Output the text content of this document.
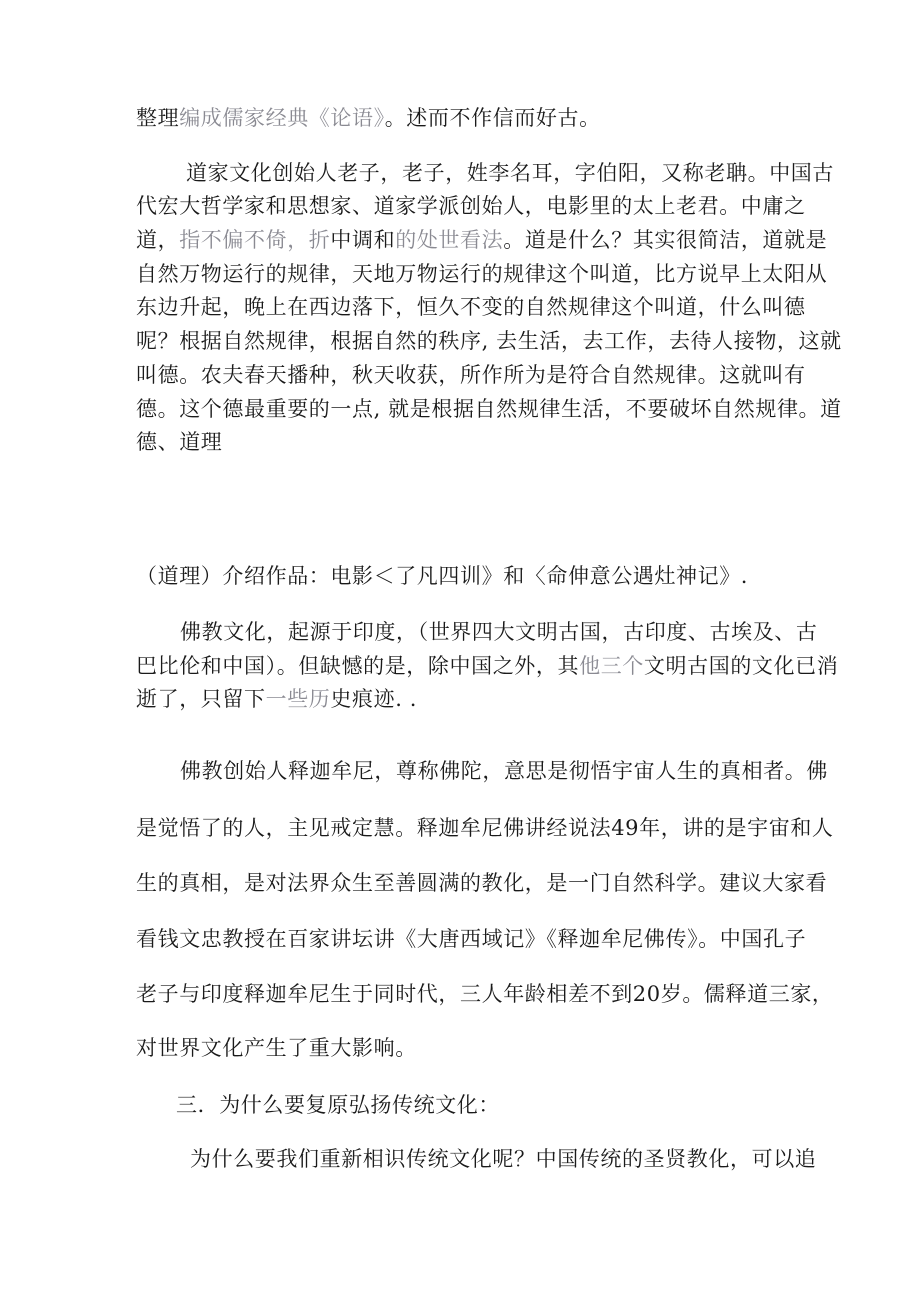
整理编成儒家经典《论语》。述而不作信而好古。
道家文化创始人老子，老子，姓李名耳，字伯阳，又称老聃。中国古
代宏大哲学家和思想家、道家学派创始人，电影里的太上老君。中庸之
道，指不偏不倚，折中调和的处世看法。道是什么？其实很简洁，道就是
自然万物运行的规律，天地万物运行的规律这个叫道，比方说早上太阳从
东边升起，晚上在西边落下，恒久不变的自然规律这个叫道，什么叫德
呢？根据自然规律，根据自然的秩序, 去生活，去工作，去待人接物，这就
叫德。农夫春天播种，秋天收获，所作所为是符合自然规律。这就叫有
德。这个德最重要的一点, 就是根据自然规律生活，不要破坏自然规律。道
德、道理
（道理）介绍作品：电影＜了凡四训》和〈命伸意公遇灶神记》.
佛教文化，起源于印度，（世界四大文明古国，古印度、古埃及、古
巴比伦和中国）。但缺憾的是，除中国之外，其他三个文明古国的文化已消
逝了，只留下一些历史痕迹. .
佛教创始人释迦牟尼，尊称佛陀，意思是彻悟宇宙人生的真相者。佛
是觉悟了的人，主见戒定慧。释迦牟尼佛讲经说法49年，讲的是宇宙和人
生的真相，是对法界众生至善圆满的教化，是一门自然科学。建议大家看
看钱文忠教授在百家讲坛讲《大唐西域记》《释迦牟尼佛传》。中国孔子
老子与印度释迦牟尼生于同时代，三人年龄相差不到20岁。儒释道三家，
对世界文化产生了重大影响。
三．为什么要复原弘扬传统文化：
为什么要我们重新相识传统文化呢？中国传统的圣贤教化，可以追
